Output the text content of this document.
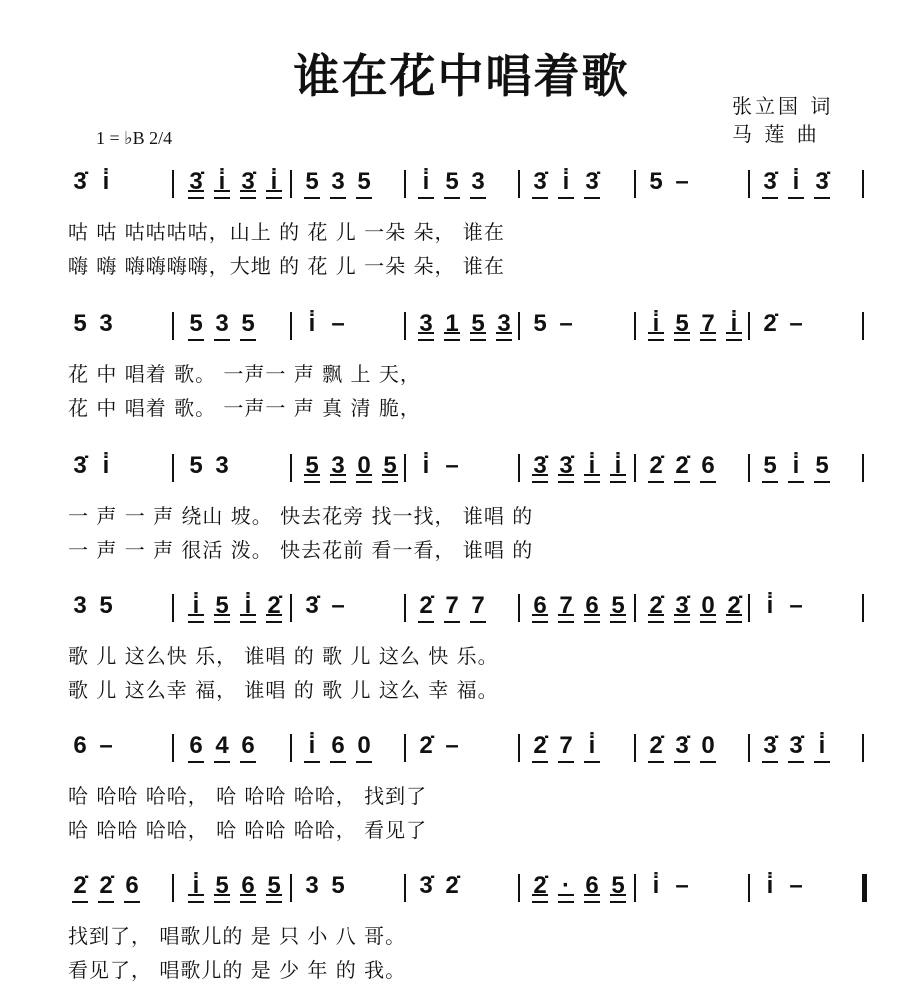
谁在花中唱着歌
张立国 词
马 莲 曲
1 = ♭B 2/4
3̇ i̇	3̇ i̇ 3̇ i̇ 5 3 5 i̇ 5 3 3̇ i̇ 3̇ 5 –	3̇ i̇ 3̇
咕 咕 咕咕咕咕，山上 的 花 儿 一朵 朵， 谁在
嗨 嗨 嗨嗨嗨嗨，大地 的 花 儿 一朵 朵， 谁在
5 3	5 3 5 i̇ –	3 1 5 3 5 –	i̇ 5 7 i̇ 2̇ –
花 中 唱着 歌。 一声一 声 飘 上 天，
花 中 唱着 歌。 一声一 声 真 清 脆，
3̇ i̇	5 3	5 3 0 5 i̇ –	3̇ 3̇ i̇ i̇ 2̇ 2̇ 6 5 i̇ 5
一 声 一 声 绕山 坡。 快去花旁 找一找， 谁唱 的
一 声 一 声 很活 泼。 快去花前 看一看， 谁唱 的
3 5	i̇ 5 i̇ 2̇ 3̇ –	2̇ 7 7 6 7 6 5 2̇ 3̇ 0 2̇ i̇ –
歌 儿 这么快 乐， 谁唱 的 歌 儿 这么 快 乐。
歌 儿 这么幸 福， 谁唱 的 歌 儿 这么 幸 福。
6 –	6 4 6 i̇ 6 0 2̇ –	2̇ 7 i̇ 2̇ 3̇ 0 3̇ 3̇ i̇
哈 哈哈 哈哈， 哈 哈哈 哈哈， 找到了
哈 哈哈 哈哈， 哈 哈哈 哈哈， 看见了
2̇ 2̇ 6 i̇ 5 6 5 3 5	3̇ 2̇	2̇ · 6 5 i̇ –	i̇ –
找到了， 唱歌儿的 是 只 小 八 哥。
看见了， 唱歌儿的 是 少 年 的 我。
